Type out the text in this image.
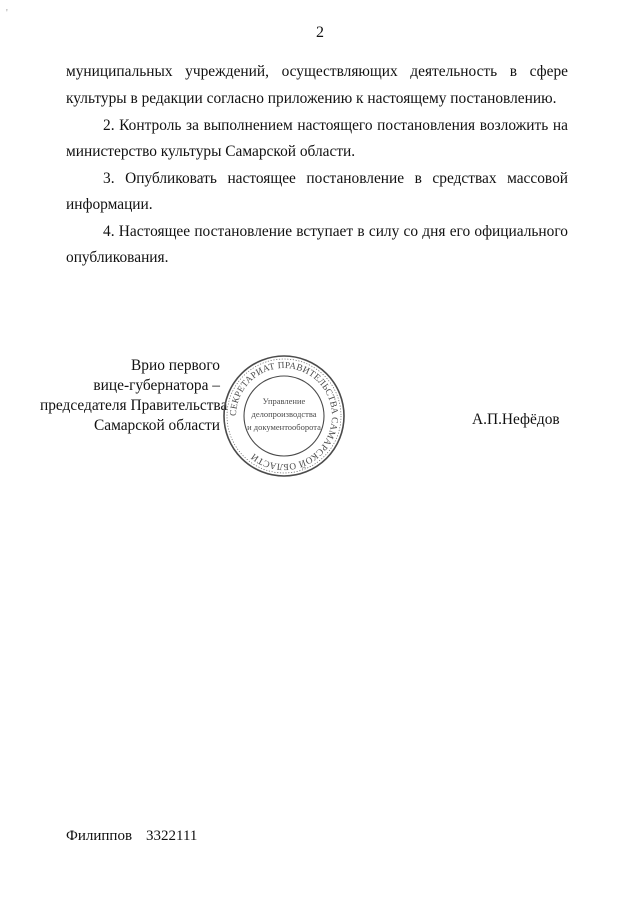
'
2
муниципальных учреждений, осуществляющих деятельность в сфере
культуры в редакции согласно приложению к настоящему постановлению.
2. Контроль за выполнением настоящего постановления возложить на
министерство культуры Самарской области.
3. Опубликовать настоящее постановление в средствах массовой
информации.
4. Настоящее постановление вступает в силу со дня его официального
опубликования.
Врио первого
вице-губернатора –
председателя Правительства
Самарской области
СЕКРЕТАРИАТ ПРАВИТЕЛЬСТВА САМАРСКОЙ ОБЛАСТИ
Управление
делопроизводства
и документооборота	А.П.Нефёдов
Филиппов 3322111
